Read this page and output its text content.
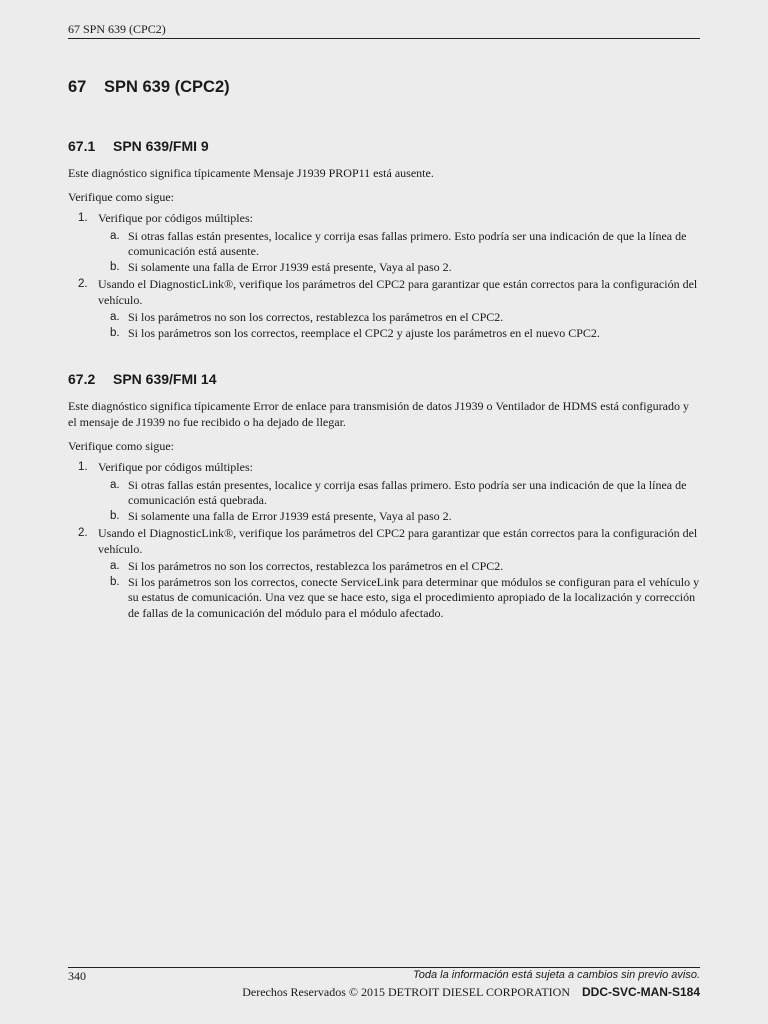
67 SPN 639 (CPC2)
67 SPN 639 (CPC2)
67.1 SPN 639/FMI 9

Este diagnóstico significa típicamente Mensaje J1939 PROP11 está ausente.

Verifique como sigue:

1. Verifique por códigos múltiples:
a. Si otras fallas están presentes, localice y corrija esas fallas primero. Esto podría ser una indicación de que la línea de comunicación está ausente.
b. Si solamente una falla de Error J1939 está presente, Vaya al paso 2.
2. Usando el DiagnosticLink®, verifique los parámetros del CPC2 para garantizar que están correctos para la configuración del vehículo.
a. Si los parámetros no son los correctos, restablezca los parámetros en el CPC2.
b. Si los parámetros son los correctos, reemplace el CPC2 y ajuste los parámetros en el nuevo CPC2.
67.2 SPN 639/FMI 14

Este diagnóstico significa típicamente Error de enlace para transmisión de datos J1939 o Ventilador de HDMS está configurado y el mensaje de J1939 no fue recibido o ha dejado de llegar.

Verifique como sigue:

1. Verifique por códigos múltiples:
a. Si otras fallas están presentes, localice y corrija esas fallas primero. Esto podría ser una indicación de que la línea de comunicación está quebrada.
b. Si solamente una falla de Error J1939 está presente, Vaya al paso 2.
2. Usando el DiagnosticLink®, verifique los parámetros del CPC2 para garantizar que están correctos para la configuración del vehículo.
a. Si los parámetros no son los correctos, restablezca los parámetros en el CPC2.
b. Si los parámetros son los correctos, conecte ServiceLink para determinar que módulos se configuran para el vehículo y su estatus de comunicación. Una vez que se hace esto, siga el procedimiento apropiado de la localización y corrección de fallas de la comunicación del módulo para el módulo afectado.
340	Toda la información está sujeta a cambios sin previo aviso.
Derechos Reservados © 2015 DETROIT DIESEL CORPORATION DDC-SVC-MAN-S184
